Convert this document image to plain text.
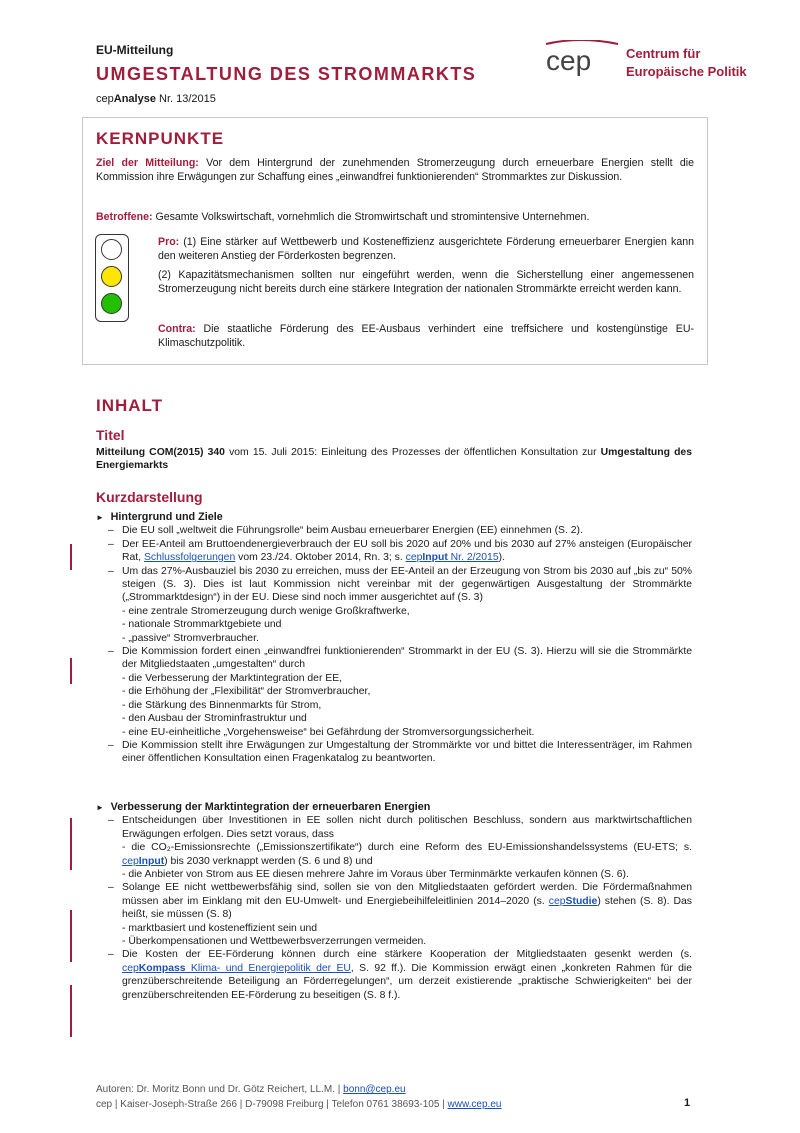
EU-Mitteilung
UMGESTALTUNG DES STROMMARKTS
cepAnalyse Nr. 13/2015
cep	Centrum für
Europäische Politik
KERNPUNKTE
Ziel der Mitteilung: Vor dem Hintergrund der zunehmenden Stromerzeugung durch erneuerbare Energien stellt die Kommission ihre Erwägungen zur Schaffung eines „einwandfrei funktionierenden“ Strommarktes zur Diskussion.
Betroffene: Gesamte Volkswirtschaft, vornehmlich die Stromwirtschaft und stromintensive Unternehmen.
Pro: (1) Eine stärker auf Wettbewerb und Kosteneffizienz ausgerichtete Förderung erneuerbarer Energien kann den weiteren Anstieg der Förderkosten begrenzen.
(2) Kapazitätsmechanismen sollten nur eingeführt werden, wenn die Sicherstellung einer angemessenen Stromerzeugung nicht bereits durch eine stärkere Integration der nationalen Strommärkte erreicht werden kann.
Contra: Die staatliche Förderung des EE-Ausbaus verhindert eine treffsichere und kostengünstige EU-Klimaschutzpolitik.
INHALT
Titel
Mitteilung COM(2015) 340 vom 15. Juli 2015: Einleitung des Prozesses der öffentlichen Konsultation zur Umgestaltung des Energiemarkts
Kurzdarstellung
►   Hintergrund und Ziele
– Die EU soll „weltweit die Führungsrolle“ beim Ausbau erneuerbarer Energien (EE) einnehmen (S. 2).
– Der EE-Anteil am Bruttoendenergieverbrauch der EU soll bis 2020 auf 20% und bis 2030 auf 27% ansteigen (Europäischer Rat, Schlussfolgerungen vom 23./24. Oktober 2014, Rn. 3; s. cepInput Nr. 2/2015).
– Um das 27%-Ausbauziel bis 2030 zu erreichen, muss der EE-Anteil an der Erzeugung von Strom bis 2030 auf „bis zu“ 50% steigen (S. 3). Dies ist laut Kommission nicht vereinbar mit der gegenwärtigen Ausgestaltung der Strommärkte („Strommarktdesign“) in der EU. Diese sind noch immer ausgerichtet auf (S. 3)
- eine zentrale Stromerzeugung durch wenige Großkraftwerke,
- nationale Strommarktgebiete und
- „passive“ Stromverbraucher.
– Die Kommission fordert einen „einwandfrei funktionierenden“ Strommarkt in der EU (S. 3). Hierzu will sie die Strommärkte der Mitgliedstaaten „umgestalten“ durch
- die Verbesserung der Marktintegration der EE,
- die Erhöhung der „Flexibilität“ der Stromverbraucher,
- die Stärkung des Binnenmarkts für Strom,
- den Ausbau der Strominfrastruktur und
- eine EU-einheitliche „Vorgehensweise“ bei Gefährdung der Stromversorgungssicherheit.
– Die Kommission stellt ihre Erwägungen zur Umgestaltung der Strommärkte vor und bittet die Interessenträger, im Rahmen einer öffentlichen Konsultation einen Fragenkatalog zu beantworten.
►   Verbesserung der Marktintegration der erneuerbaren Energien
– Entscheidungen über Investitionen in EE sollen nicht durch politischen Beschluss, sondern aus marktwirtschaftlichen Erwägungen erfolgen. Dies setzt voraus, dass
- die CO₂-Emissionsrechte („Emissionszertifikate“) durch eine Reform des EU-Emissionshandelssystems (EU-ETS; s. cepInput) bis 2030 verknappt werden (S. 6 und 8) und
- die Anbieter von Strom aus EE diesen mehrere Jahre im Voraus über Terminmärkte verkaufen können (S. 6).
– Solange EE nicht wettbewerbsfähig sind, sollen sie von den Mitgliedstaaten gefördert werden. Die Fördermaßnahmen müssen aber im Einklang mit den EU-Umwelt- und Energiebeihilfeleitlinien 2014–2020 (s. cepStudie) stehen (S. 8). Das heißt, sie müssen (S. 8)
- marktbasiert und kosteneffizient sein und
- Überkompensationen und Wettbewerbsverzerrungen vermeiden.
– Die Kosten der EE-Förderung können durch eine stärkere Kooperation der Mitgliedstaaten gesenkt werden (s. cepKompass Klima- und Energiepolitik der EU, S. 92 ff.). Die Kommission erwägt einen „konkreten Rahmen für die grenzüberschreitende Beteiligung an Förderregelungen“, um derzeit existierende „praktische Schwierigkeiten“ bei der grenzüberschreitenden EE-Förderung zu beseitigen (S. 8 f.).
Autoren: Dr. Moritz Bonn und Dr. Götz Reichert, LL.M. | bonn@cep.eu
cep | Kaiser-Joseph-Straße 266 | D-79098 Freiburg | Telefon 0761 38693-105 | www.cep.eu	1
